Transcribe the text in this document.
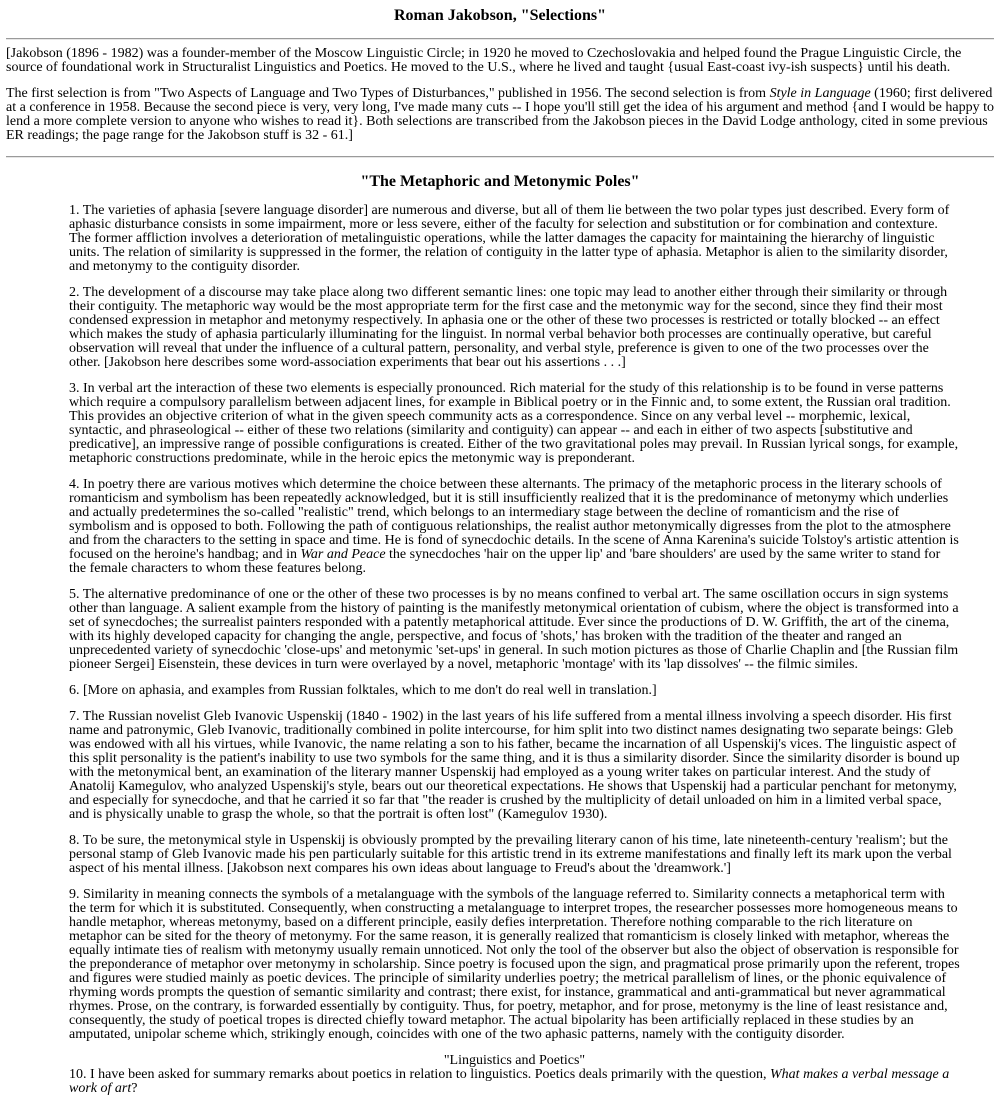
Roman Jakobson, "Selections"

[Jakobson (1896 - 1982) was a founder-member of the Moscow Linguistic Circle; in 1920 he moved to Czechoslovakia and helped found the Prague Linguistic Circle, the source of foundational work in Structuralist Linguistics and Poetics. He moved to the U.S., where he lived and taught {usual East-coast ivy-ish suspects} until his death.

The first selection is from "Two Aspects of Language and Two Types of Disturbances," published in 1956. The second selection is from Style in Language (1960; first delivered at a conference in 1958. Because the second piece is very, very long, I've made many cuts -- I hope you'll still get the idea of his argument and method {and I would be happy to lend a more complete version to anyone who wishes to read it}. Both selections are transcribed from the Jakobson pieces in the David Lodge anthology, cited in some previous ER readings; the page range for the Jakobson stuff is 32 - 61.]

"The Metaphoric and Metonymic Poles"

1. The varieties of aphasia [severe language disorder] are numerous and diverse, but all of them lie between the two polar types just described. Every form of aphasic disturbance consists in some impairment, more or less severe, either of the faculty for selection and substitution or for combination and contexture. The former affliction involves a deterioration of metalinguistic operations, while the latter damages the capacity for maintaining the hierarchy of linguistic units. The relation of similarity is suppressed in the former, the relation of contiguity in the latter type of aphasia. Metaphor is alien to the similarity disorder, and metonymy to the contiguity disorder.

2. The development of a discourse may take place along two different semantic lines: one topic may lead to another either through their similarity or through their contiguity. The metaphoric way would be the most appropriate term for the first case and the metonymic way for the second, since they find their most condensed expression in metaphor and metonymy respectively. In aphasia one or the other of these two processes is restricted or totally blocked -- an effect which makes the study of aphasia particularly illuminating for the linguist. In normal verbal behavior both processes are continually operative, but careful observation will reveal that under the influence of a cultural pattern, personality, and verbal style, preference is given to one of the two processes over the other. [Jakobson here describes some word-association experiments that bear out his assertions . . .]

3. In verbal art the interaction of these two elements is especially pronounced. Rich material for the study of this relationship is to be found in verse patterns which require a compulsory parallelism between adjacent lines, for example in Biblical poetry or in the Finnic and, to some extent, the Russian oral tradition. This provides an objective criterion of what in the given speech community acts as a correspondence. Since on any verbal level -- morphemic, lexical, syntactic, and phraseological -- either of these two relations (similarity and contiguity) can appear -- and each in either of two aspects [substitutive and predicative], an impressive range of possible configurations is created. Either of the two gravitational poles may prevail. In Russian lyrical songs, for example, metaphoric constructions predominate, while in the heroic epics the metonymic way is preponderant.

4. In poetry there are various motives which determine the choice between these alternants. The primacy of the metaphoric process in the literary schools of romanticism and symbolism has been repeatedly acknowledged, but it is still insufficiently realized that it is the predominance of metonymy which underlies and actually predetermines the so-called "realistic" trend, which belongs to an intermediary stage between the decline of romanticism and the rise of symbolism and is opposed to both. Following the path of contiguous relationships, the realist author metonymically digresses from the plot to the atmosphere and from the characters to the setting in space and time. He is fond of synecdochic details. In the scene of Anna Karenina's suicide Tolstoy's artistic attention is focused on the heroine's handbag; and in War and Peace the synecdoches 'hair on the upper lip' and 'bare shoulders' are used by the same writer to stand for the female characters to whom these features belong.

5. The alternative predominance of one or the other of these two processes is by no means confined to verbal art. The same oscillation occurs in sign systems other than language. A salient example from the history of painting is the manifestly metonymical orientation of cubism, where the object is transformed into a set of synecdoches; the surrealist painters responded with a patently metaphorical attitude. Ever since the productions of D. W. Griffith, the art of the cinema, with its highly developed capacity for changing the angle, perspective, and focus of 'shots,' has broken with the tradition of the theater and ranged an unprecedented variety of synecdochic 'close-ups' and metonymic 'set-ups' in general. In such motion pictures as those of Charlie Chaplin and [the Russian film pioneer Sergei] Eisenstein, these devices in turn were overlayed by a novel, metaphoric 'montage' with its 'lap dissolves' -- the filmic similes.

6. [More on aphasia, and examples from Russian folktales, which to me don't do real well in translation.]

7. The Russian novelist Gleb Ivanovic Uspenskij (1840 - 1902) in the last years of his life suffered from a mental illness involving a speech disorder. His first name and patronymic, Gleb Ivanovic, traditionally combined in polite intercourse, for him split into two distinct names designating two separate beings: Gleb was endowed with all his virtues, while Ivanovic, the name relating a son to his father, became the incarnation of all Uspenskij's vices. The linguistic aspect of this split personality is the patient's inability to use two symbols for the same thing, and it is thus a similarity disorder. Since the similarity disorder is bound up with the metonymical bent, an examination of the literary manner Uspenskij had employed as a young writer takes on particular interest. And the study of Anatolij Kamegulov, who analyzed Uspenskij's style, bears out our theoretical expectations. He shows that Uspenskij had a particular penchant for metonymy, and especially for synecdoche, and that he carried it so far that "the reader is crushed by the multiplicity of detail unloaded on him in a limited verbal space, and is physically unable to grasp the whole, so that the portrait is often lost" (Kamegulov 1930).

8. To be sure, the metonymical style in Uspenskij is obviously prompted by the prevailing literary canon of his time, late nineteenth-century 'realism'; but the personal stamp of Gleb Ivanovic made his pen particularly suitable for this artistic trend in its extreme manifestations and finally left its mark upon the verbal aspect of his mental illness. [Jakobson next compares his own ideas about language to Freud's about the 'dreamwork.']

9. Similarity in meaning connects the symbols of a metalanguage with the symbols of the language referred to. Similarity connects a metaphorical term with the term for which it is substituted. Consequently, when constructing a metalanguage to interpret tropes, the researcher possesses more homogeneous means to handle metaphor, whereas metonymy, based on a different principle, easily defies interpretation. Therefore nothing comparable to the rich literature on metaphor can be sited for the theory of metonymy. For the same reason, it is generally realized that romanticism is closely linked with metaphor, whereas the equally intimate ties of realism with metonymy usually remain unnoticed. Not only the tool of the observer but also the object of observation is responsible for the preponderance of metaphor over metonymy in scholarship. Since poetry is focused upon the sign, and pragmatical prose primarily upon the referent, tropes and figures were studied mainly as poetic devices. The principle of similarity underlies poetry; the metrical parallelism of lines, or the phonic equivalence of rhyming words prompts the question of semantic similarity and contrast; there exist, for instance, grammatical and anti-grammatical but never agrammatical rhymes. Prose, on the contrary, is forwarded essentially by contiguity. Thus, for poetry, metaphor, and for prose, metonymy is the line of least resistance and, consequently, the study of poetical tropes is directed chiefly toward metaphor. The actual bipolarity has been artificially replaced in these studies by an amputated, unipolar scheme which, strikingly enough, coincides with one of the two aphasic patterns, namely with the contiguity disorder.

"Linguistics and Poetics"

10. I have been asked for summary remarks about poetics in relation to linguistics. Poetics deals primarily with the question, What makes a verbal message a work of art?
